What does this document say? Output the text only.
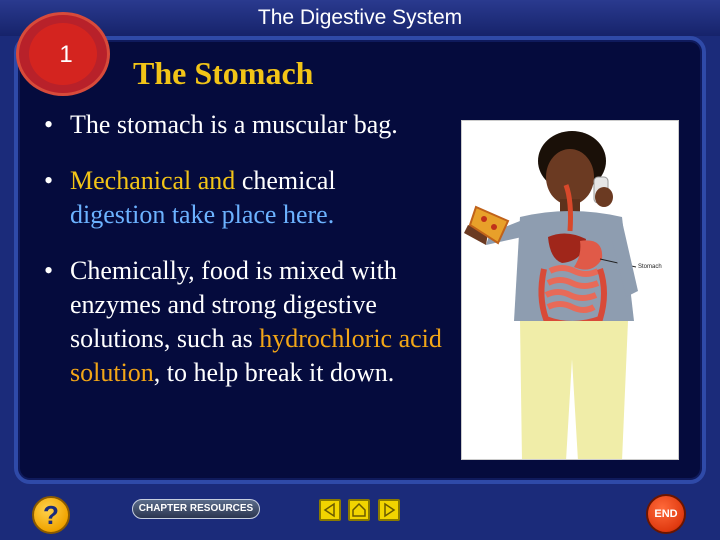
The Digestive System
1
The Stomach
• The stomach is a muscular bag.
• Mechanical and chemical
digestion take place here.
• Chemically, food is mixed with enzymes and strong digestive solutions, such as hydrochloric acid solution, to help break it down.
Stomach
?	CHAPTER RESOURCES	END
